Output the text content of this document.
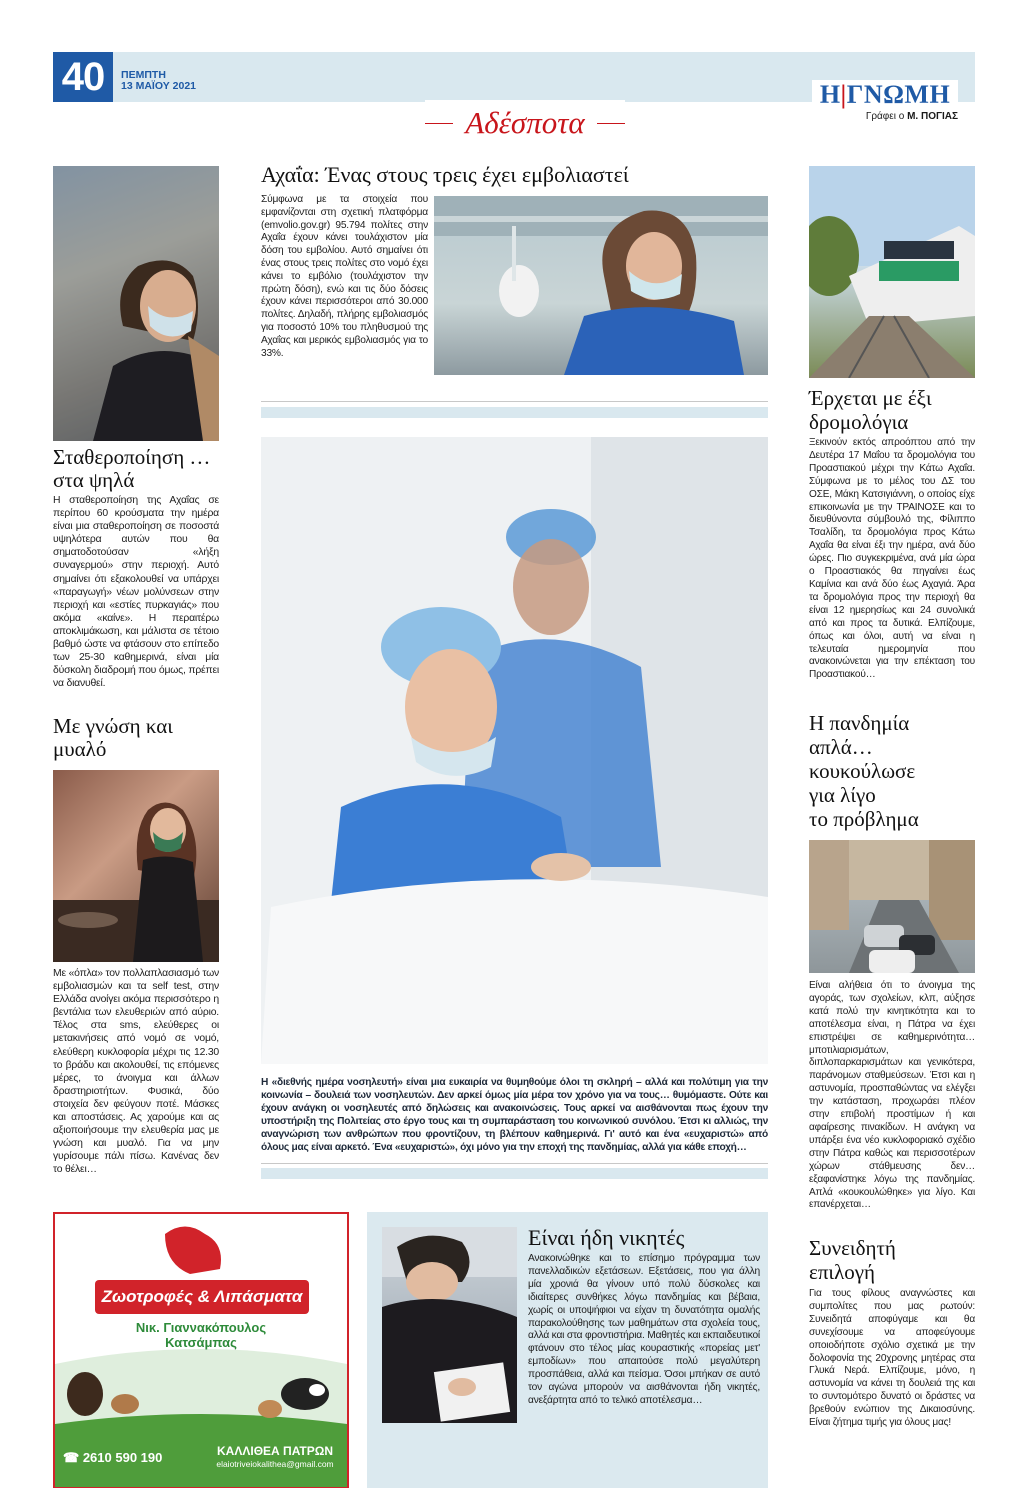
40	ΠΕΜΠΤΗ
13 ΜΑΪΟΥ 2021
Αδέσποτα
Η|ΓΝΩΜΗ
Γράφει ο Μ. ΠΟΓΙΑΣ
Σταθεροποίηση … στα ψηλά
Η σταθεροποίηση της Αχαΐας σε περίπου 60 κρούσματα την ημέρα είναι μια σταθεροποίηση σε ποσοστά υψηλότερα αυτών που θα σηματοδοτούσαν «λήξη συναγερμού» στην περιοχή. Αυτό σημαίνει ότι εξακολουθεί να υπάρχει «παραγωγή» νέων μολύνσεων στην περιοχή και «εστίες πυρκαγιάς» που ακόμα «καίνε». Η περαιτέρω αποκλιμάκωση, και μάλιστα σε τέτοιο βαθμό ώστε να φτάσουν στο επίπεδο των 25-30 καθημερινά, είναι μία δύσκολη διαδρομή που όμως, πρέπει να διανυθεί.
Με γνώση και μυαλό
Με «όπλα» τον πολλαπλασιασμό των εμβολιασμών και τα self test, στην Ελλάδα ανοίγει ακόμα περισσότερο η βεντάλια των ελευθεριών από αύριο. Τέλος στα sms, ελεύθερες οι μετακινήσεις από νομό σε νομό, ελεύθερη κυκλοφορία μέχρι τις 12.30 το βράδυ και ακολουθεί, τις επόμενες μέρες, το άνοιγμα και άλλων δραστηριοτήτων. Φυσικά, δύο στοιχεία δεν φεύγουν ποτέ. Μάσκες και αποστάσεις. Ας χαρούμε και ας αξιοποιήσουμε την ελευθερία μας με γνώση και μυαλό. Για να μην γυρίσουμε πάλι πίσω. Κανένας δεν το θέλει…
Αχαΐα: Ένας στους τρεις έχει εμβολιαστεί
Σύμφωνα με τα στοιχεία που εμφανίζονται στη σχετική πλατφόρμα (emvolio.gov.gr) 95.794 πολίτες στην Αχαΐα έχουν κάνει τουλάχιστον μία δόση του εμβολίου. Αυτό σημαίνει ότι ένας στους τρεις πολίτες στο νομό έχει κάνει το εμβόλιο (τουλάχιστον την πρώτη δόση), ενώ και τις δύο δόσεις έχουν κάνει περισσότεροι από 30.000 πολίτες. Δηλαδή, πλήρης εμβολιασμός για ποσοστό 10% του πληθυσμού της Αχαΐας και μερικός εμβολιασμός για το 33%.
Η «διεθνής ημέρα νοσηλευτή» είναι μια ευκαιρία να θυμηθούμε όλοι τη σκληρή – αλλά και πολύτιμη για την κοινωνία – δουλειά των νοσηλευτών. Δεν αρκεί όμως μία μέρα τον χρόνο για να τους… θυμόμαστε. Ούτε και έχουν ανάγκη οι νοσηλευτές από δηλώσεις και ανακοινώσεις. Τους αρκεί να αισθάνονται πως έχουν την υποστήριξη της Πολιτείας στο έργο τους και τη συμπαράσταση του κοινωνικού συνόλου. Έτσι κι αλλιώς, την αναγνώριση των ανθρώπων που φροντίζουν, τη βλέπουν καθημερινά. Γι' αυτό και ένα «ευχαριστώ» από όλους μας είναι αρκετό. Ένα «ευχαριστώ», όχι μόνο για την εποχή της πανδημίας, αλλά για κάθε εποχή…
Είναι ήδη νικητές
Ανακοινώθηκε και το επίσημο πρόγραμμα των πανελλαδικών εξετάσεων. Εξετάσεις, που για άλλη μία χρονιά θα γίνουν υπό πολύ δύσκολες και ιδιαίτερες συνθήκες λόγω πανδημίας και βέβαια, χωρίς οι υποψήφιοι να είχαν τη δυνατότητα ομαλής παρακολούθησης των μαθημάτων στα σχολεία τους, αλλά και στα φροντιστήρια. Μαθητές και εκπαιδευτικοί φτάνουν στο τέλος μίας κουραστικής «πορείας μετ' εμποδίων» που απαιτούσε πολύ μεγαλύτερη προσπάθεια, αλλά και πείσμα. Όσοι μπήκαν σε αυτό τον αγώνα μπορούν να αισθάνονται ήδη νικητές, ανεξάρτητα από το τελικό αποτέλεσμα…
Ζωοτροφές & Λιπάσματα
Νικ. Γιαννακόπουλος
Κατσάμπας
ΚΑΛΛΙΘΕΑ ΠΑΤΡΩΝ
elaiotriveiokalithea@gmail.com
☎ 2610 590 190
Έρχεται με έξι δρομολόγια
Ξεκινούν εκτός απροόπτου από την Δευτέρα 17 Μαΐου τα δρομολόγια του Προαστιακού μέχρι την Κάτω Αχαΐα. Σύμφωνα με το μέλος του ΔΣ του ΟΣΕ, Μάκη Κατσιγιάννη, ο οποίος είχε επικοινωνία με την ΤΡΑΙΝΟΣΕ και το διευθύνοντα σύμβουλό της, Φίλιππο Τσαλίδη, τα δρομολόγια προς Κάτω Αχαΐα θα είναι έξι την ημέρα, ανά δύο ώρες. Πιο συγκεκριμένα, ανά μία ώρα ο Προαστιακός θα πηγαίνει έως Καμίνια και ανά δύο έως Αχαγιά. Άρα τα δρομολόγια προς την περιοχή θα είναι 12 ημερησίως και 24 συνολικά από και προς τα δυτικά. Ελπίζουμε, όπως και όλοι, αυτή να είναι η τελευταία ημερομηνία που ανακοινώνεται για την επέκταση του Προαστιακού…
Η πανδημία
απλά…
κουκούλωσε
για λίγο
το πρόβλημα
Είναι αλήθεια ότι το άνοιγμα της αγοράς, των σχολείων, κλπ, αύξησε κατά πολύ την κινητικότητα και το αποτέλεσμα είναι, η Πάτρα να έχει επιστρέψει σε καθημερινότητα… μποτιλιαρισμάτων, διπλοπαρκαρισμάτων και γενικότερα, παράνομων σταθμεύσεων. Έτσι και η αστυνομία, προσπαθώντας να ελέγξει την κατάσταση, προχωράει πλέον στην επιβολή προστίμων ή και αφαίρεσης πινακίδων. Η ανάγκη να υπάρξει ένα νέο κυκλοφοριακό σχέδιο στην Πάτρα καθώς και περισσοτέρων χώρων στάθμευσης δεν… εξαφανίστηκε λόγω της πανδημίας. Απλά «κουκουλώθηκε» για λίγο. Και επανέρχεται…
Συνειδητή επιλογή
Για τους φίλους αναγνώστες και συμπολίτες που μας ρωτούν: Συνειδητά αποφύγαμε και θα συνεχίσουμε να αποφεύγουμε οποιοδήποτε σχόλιο σχετικά με την δολοφονία της 20χρονης μητέρας στα Γλυκά Νερά. Ελπίζουμε, μόνο, η αστυνομία να κάνει τη δουλειά της και το συντομότερο δυνατό οι δράστες να βρεθούν ενώπιον της Δικαιοσύνης. Είναι ζήτημα τιμής για όλους μας!
